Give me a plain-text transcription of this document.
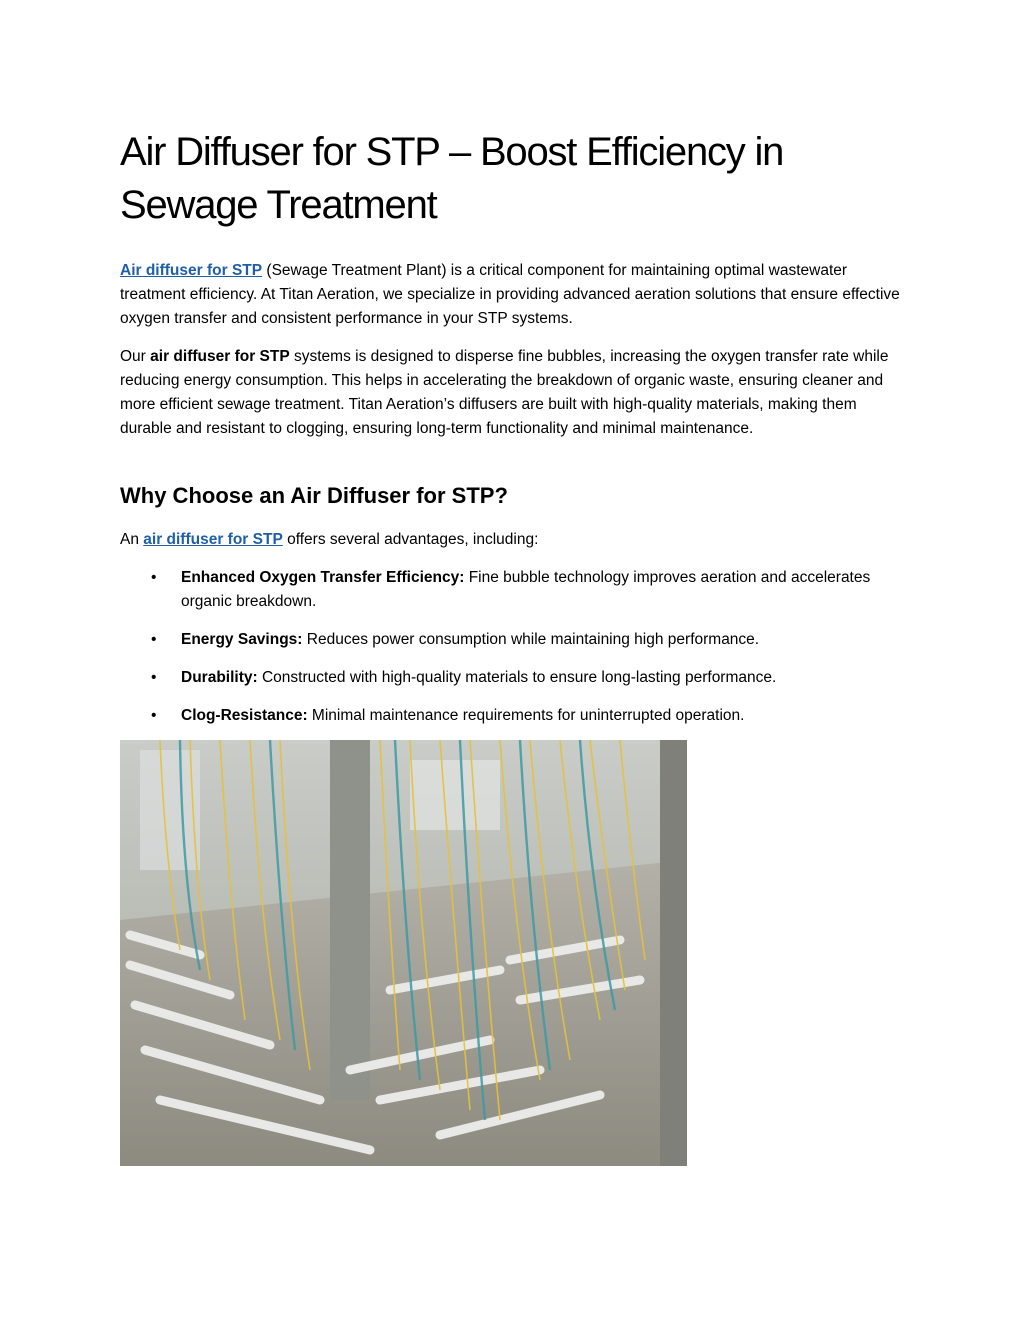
Air Diffuser for STP – Boost Efficiency in
Sewage Treatment

Air diffuser for STP (Sewage Treatment Plant) is a critical component for maintaining optimal wastewater treatment efficiency. At Titan Aeration, we specialize in providing advanced aeration solutions that ensure effective oxygen transfer and consistent performance in your STP systems.

Our air diffuser for STP systems is designed to disperse fine bubbles, increasing the oxygen transfer rate while reducing energy consumption. This helps in accelerating the breakdown of organic waste, ensuring cleaner and more efficient sewage treatment. Titan Aeration’s diffusers are built with high-quality materials, making them durable and resistant to clogging, ensuring long-term functionality and minimal maintenance.

Why Choose an Air Diffuser for STP?

An air diffuser for STP offers several advantages, including:

• Enhanced Oxygen Transfer Efficiency: Fine bubble technology improves aeration and accelerates organic breakdown.
• Energy Savings: Reduces power consumption while maintaining high performance.
• Durability: Constructed with high-quality materials to ensure long-lasting performance.
• Clog-Resistance: Minimal maintenance requirements for uninterrupted operation.
